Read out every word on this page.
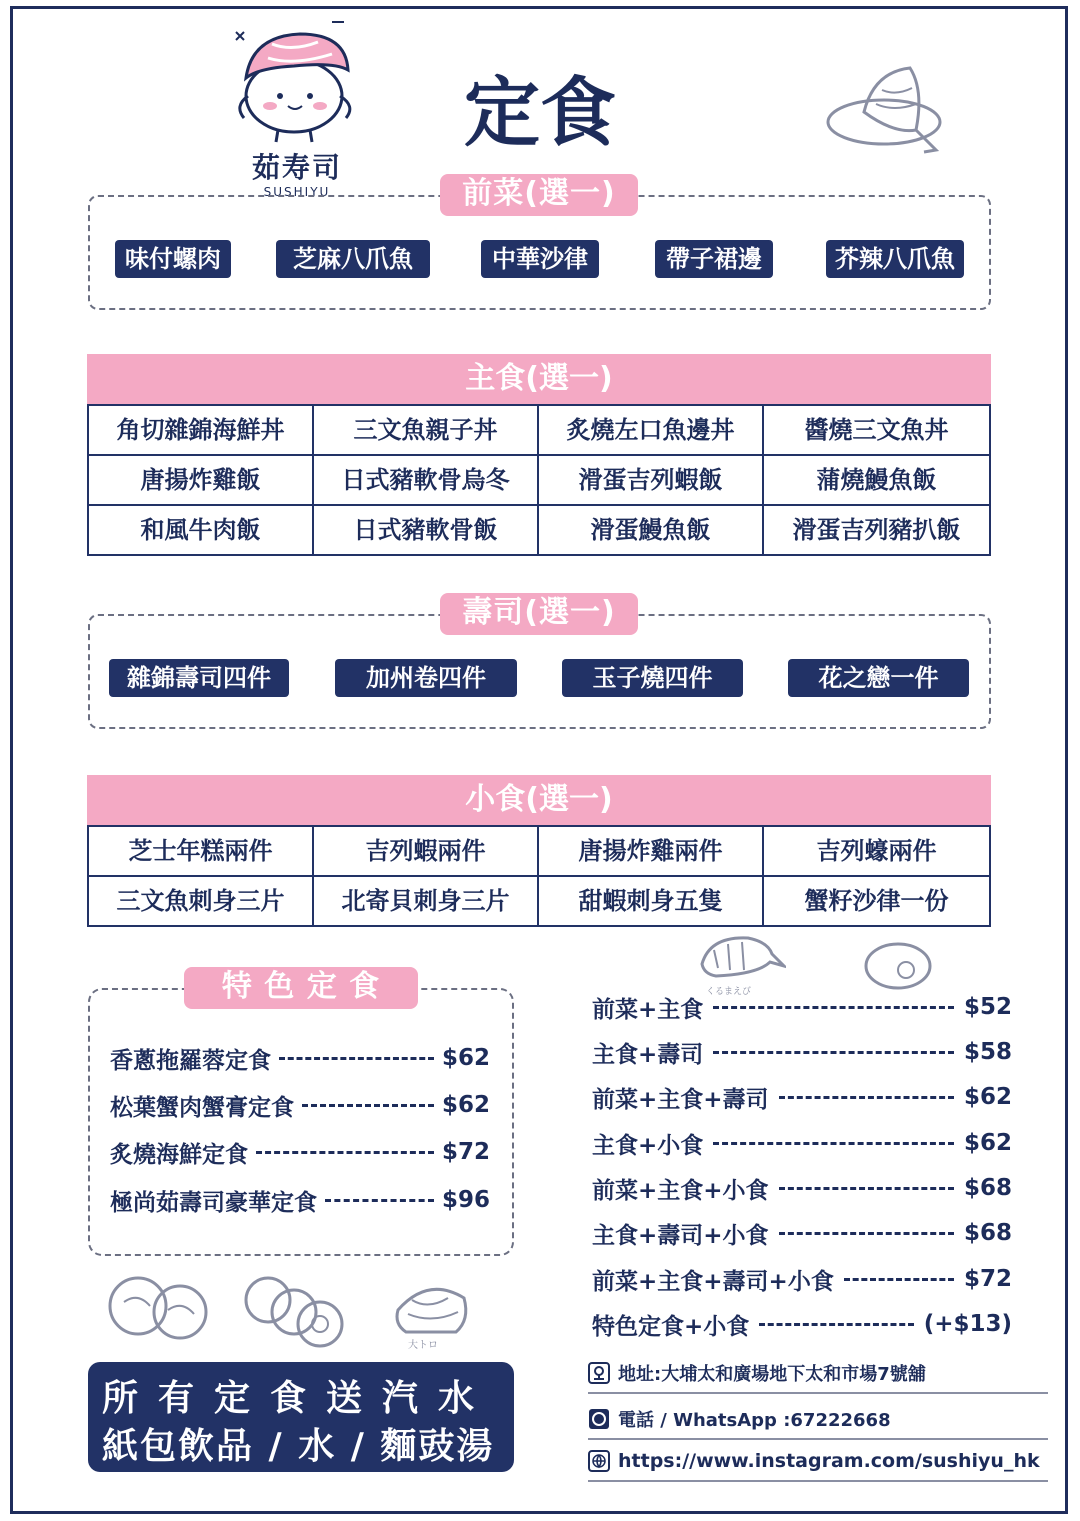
茹寿司
SUSHIYU
定食
前菜(選一)
味付螺肉	芝麻八爪魚	中華沙律	帶子裙邊	芥辣八爪魚
主食(選一)
角切雜錦海鮮丼	三文魚親子丼	炙燒左口魚邊丼	醬燒三文魚丼
唐揚炸雞飯	日式豬軟骨烏冬	滑蛋吉列蝦飯	蒲燒鰻魚飯
和風牛肉飯	日式豬軟骨飯	滑蛋鰻魚飯	滑蛋吉列豬扒飯
壽司(選一)
雜錦壽司四件	加州卷四件	玉子燒四件	花之戀一件
小食(選一)
芝士年糕兩件	吉列蝦兩件	唐揚炸雞兩件	吉列蠔兩件
三文魚刺身三片	北寄貝刺身三片	甜蝦刺身五隻	蟹籽沙律一份
特 色 定 食
香蔥拖羅蓉定食	$62
松葉蟹肉蟹膏定食	$62
炙燒海鮮定食	$72
極尚茹壽司豪華定食	$96
大トロ
所有定食送汽水
紙包飲品 / 水 / 麵豉湯
くるまえび
前菜+主食	$52
主食+壽司	$58
前菜+主食+壽司	$62
主食+小食	$62
前菜+主食+小食	$68
主食+壽司+小食	$68
前菜+主食+壽司+小食	$72
特色定食+小食	(+$13)
地址:大埔太和廣場地下太和市場7號舖
電話 / WhatsApp :67222668
https://www.instagram.com/sushiyu_hk
